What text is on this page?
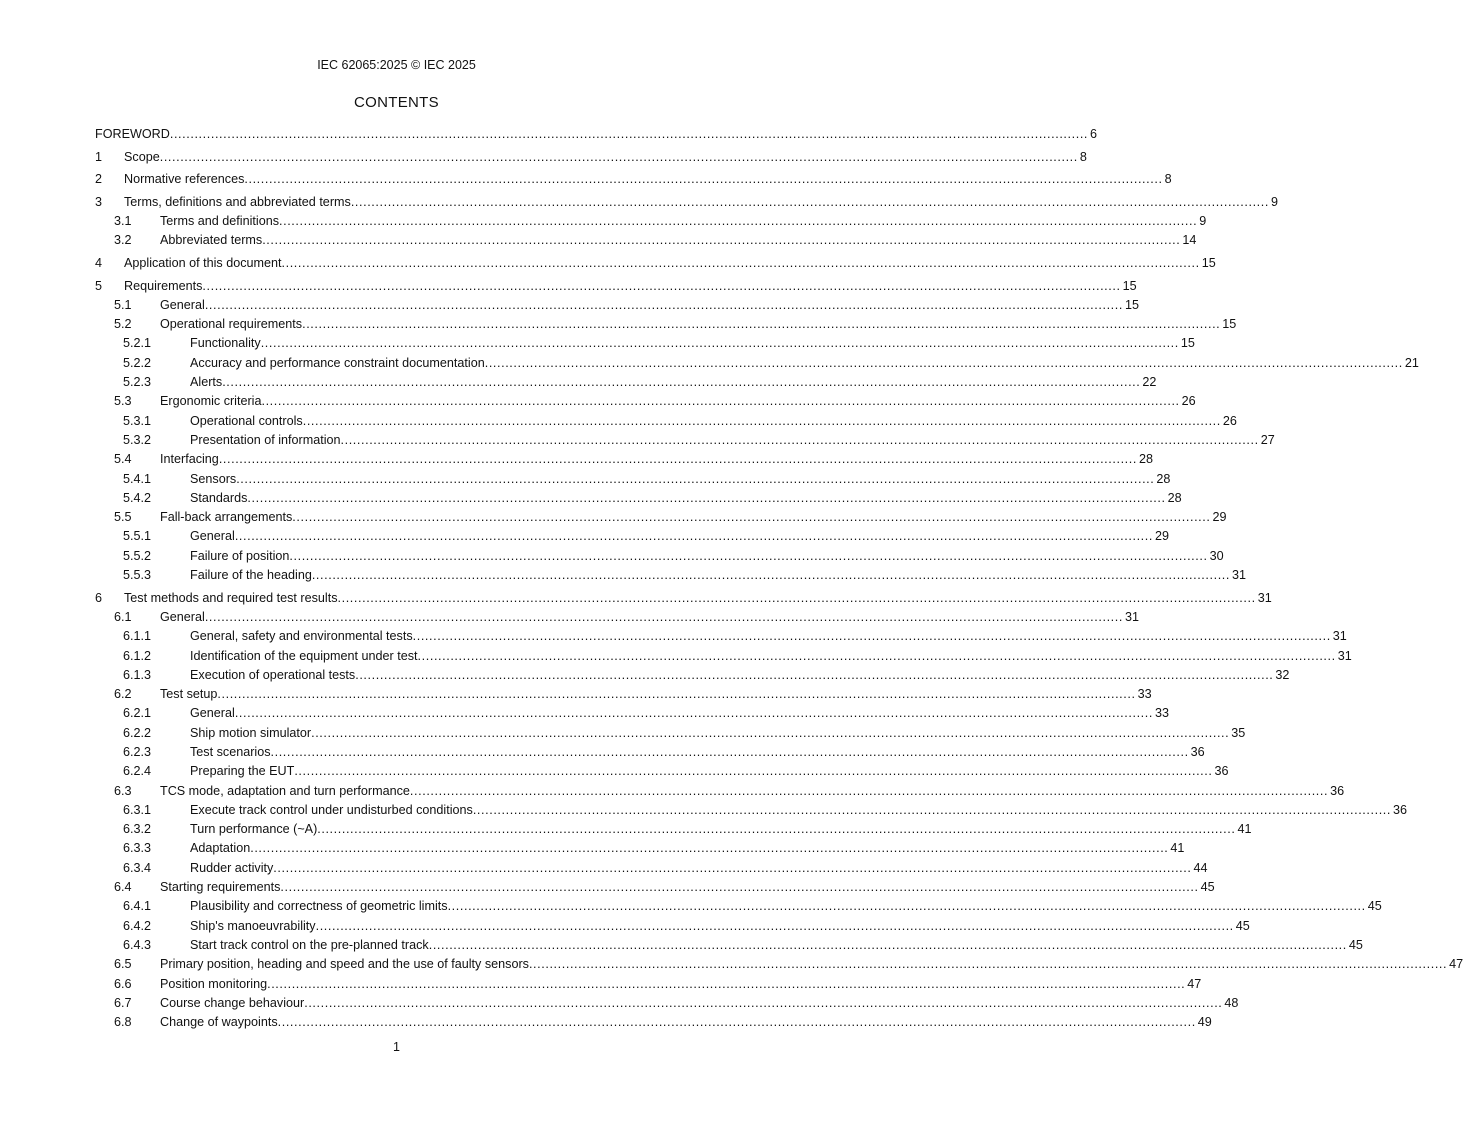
IEC 62065:2025 © IEC 2025
CONTENTS
FOREWORD .....	6
1	Scope .....	8
2	Normative references .....	8
3	Terms, definitions and abbreviated terms .....	9
3.1	Terms and definitions .....	9
3.2	Abbreviated terms .....	14
4	Application of this document .....	15
5	Requirements .....	15
5.1	General .....	15
5.2	Operational requirements .....	15
5.2.1	Functionality .....	15
5.2.2	Accuracy and performance constraint documentation .....	21
5.2.3	Alerts .....	22
5.3	Ergonomic criteria .....	26
5.3.1	Operational controls .....	26
5.3.2	Presentation of information .....	27
5.4	Interfacing .....	28
5.4.1	Sensors .....	28
5.4.2	Standards .....	28
5.5	Fall-back arrangements .....	29
5.5.1	General .....	29
5.5.2	Failure of position .....	30
5.5.3	Failure of the heading .....	31
6	Test methods and required test results .....	31
6.1	General .....	31
6.1.1	General, safety and environmental tests .....	31
6.1.2	Identification of the equipment under test .....	31
6.1.3	Execution of operational tests .....	32
6.2	Test setup .....	33
6.2.1	General .....	33
6.2.2	Ship motion simulator .....	35
6.2.3	Test scenarios .....	36
6.2.4	Preparing the EUT .....	36
6.3	TCS mode, adaptation and turn performance .....	36
6.3.1	Execute track control under undisturbed conditions .....	36
6.3.2	Turn performance (~A) .....	41
6.3.3	Adaptation .....	41
6.3.4	Rudder activity .....	44
6.4	Starting requirements .....	45
6.4.1	Plausibility and correctness of geometric limits .....	45
6.4.2	Ship's manoeuvrability .....	45
6.4.3	Start track control on the pre-planned track .....	45
6.5	Primary position, heading and speed and the use of faulty sensors .....	47
6.6	Position monitoring .....	47
6.7	Course change behaviour .....	48
6.8	Change of waypoints .....	49
1
